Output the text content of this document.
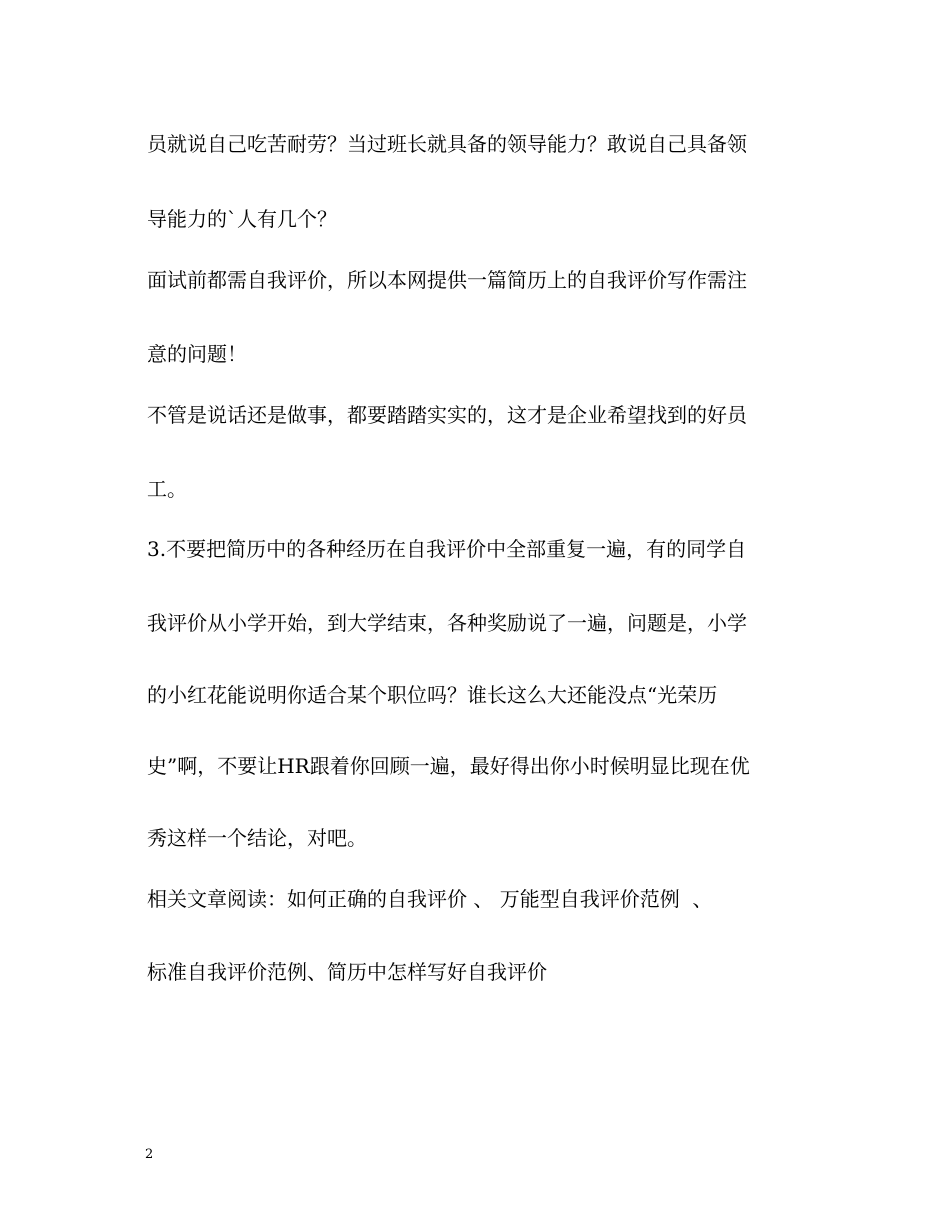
员就说自己吃苦耐劳？当过班长就具备的领导能力？敢说自己具备领

导能力的`人有几个？

面试前都需自我评价，所以本网提供一篇简历上的自我评价写作需注

意的问题！

不管是说话还是做事，都要踏踏实实的，这才是企业希望找到的好员

工。

3.不要把简历中的各种经历在自我评价中全部重复一遍，有的同学自

我评价从小学开始，到大学结束，各种奖励说了一遍，问题是，小学

的小红花能说明你适合某个职位吗？谁长这么大还能没点“光荣历

史”啊，不要让HR跟着你回顾一遍，最好得出你小时候明显比现在优

秀这样一个结论，对吧。

相关文章阅读：如何正确的自我评价 、 万能型自我评价范例  、

标准自我评价范例、简历中怎样写好自我评价

2
